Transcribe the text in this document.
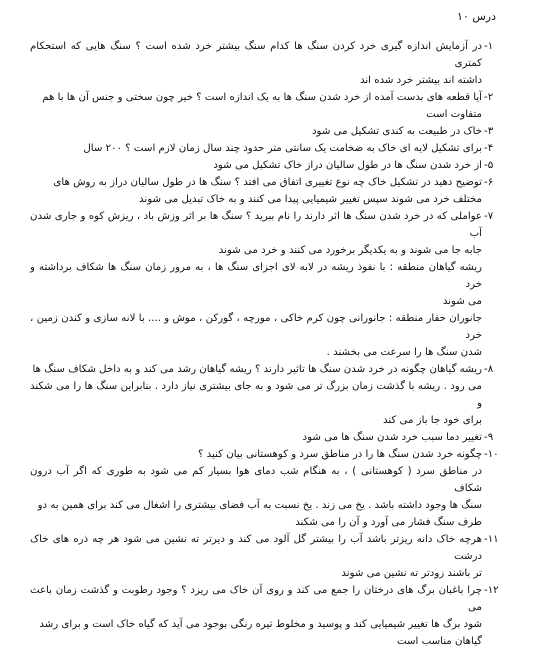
درس ۱۰
۱-

در آزمایش اندازه گیری خرد کردن سنگ ها کدام سنگ بیشتر خرد شده است ؟ سنگ هایی که استحکام کمتری

داشته اند بیشتر خرد شده اند

۲-

آیا قطعه های بدست آمده از خرد شدن سنگ ها به یک اندازه است ؟ خیر چون سختی و جنس آن ها با هم

متفاوت است

۳-

خاک در طبیعت به کندی تشکیل می شود

۴-

برای تشکیل لایه ای خاک به ضخامت یک سانتی متر حدود چند سال زمان لازم است ؟ ۲۰۰ سال

۵-

از خرد شدن سنگ ها در طول سالیان دراز خاک تشکیل می شود

۶-

توضیح دهید در تشکیل خاک چه نوع تغییری اتفاق می افتد ؟ سنگ ها در طول سالیان دراز به روش های

مختلف خرد می شوند سپس تغییر شیمیایی پیدا می کنند و به خاک تبدیل می شوند

۷-

عواملی که در خرد شدن سنگ ها اثر دارند را نام ببرید ؟ سنگ ها بر اثر وزش باد ، ریزش کوه و جاری شدن آب

جابه جا می شوند و به یکدیگر برخورد می کنند و خرد می شوند

ریشه گیاهان منطقه : با نفوذ ریشه در لابه لای اجزای سنگ ها ، به مرور زمان سنگ ها شکاف برداشته و خرد

می شوند

جانوران حفار منطقه : جانورانی چون کرم خاکی ، مورچه ، گورکن ، موش و .... با لانه سازی و کندن زمین ، خرد

شدن سنگ ها را سرعت می بخشند .

۸-

ریشه گیاهان چگونه در خرد شدن سنگ ها تاثیر دارند ؟ ریشه گیاهان رشد می کند و به داخل شکاف سنگ ها

می رود . ریشه با گذشت زمان بزرگ تر می شود و به جای بیشتری نیاز دارد . بنابراین سنگ ها را می شکند و

برای خود جا باز می کند

۹-

تغییر دما سبب خرد شدن سنگ ها می شود

۱۰-

چگونه خرد شدن سنگ ها را در مناطق سرد و کوهستانی بیان کنید ؟

در مناطق سرد ( کوهستانی ) ، به هنگام شب دمای هوا بسیار کم می شود به طوری که اگر آب درون شکاف

سنگ ها وجود داشته باشد . یخ می زند . یخ نسبت به آب فضای بیشتری را اشغال می کند برای همین به دو

طرف سنگ فشار می آورد و آن را می شکند

۱۱-

هرچه خاک دانه ریزتر باشد آب را بیشتر گل آلود می کند و دیرتر ته نشین می شود هر چه ذره های خاک درشت

تر باشند زودتر ته نشین می شوند

۱۲-

چرا باغبان برگ های درختان را جمع می کند و روی آن خاک می ریزد ؟ وجود رطوبت و گذشت زمان باعث می

شود برگ ها تغییر شیمیایی کند و پوسید و مخلوط تیره رنگی بوجود می آید که گیاه خاک است و برای رشد

گیاهان مناسب است
